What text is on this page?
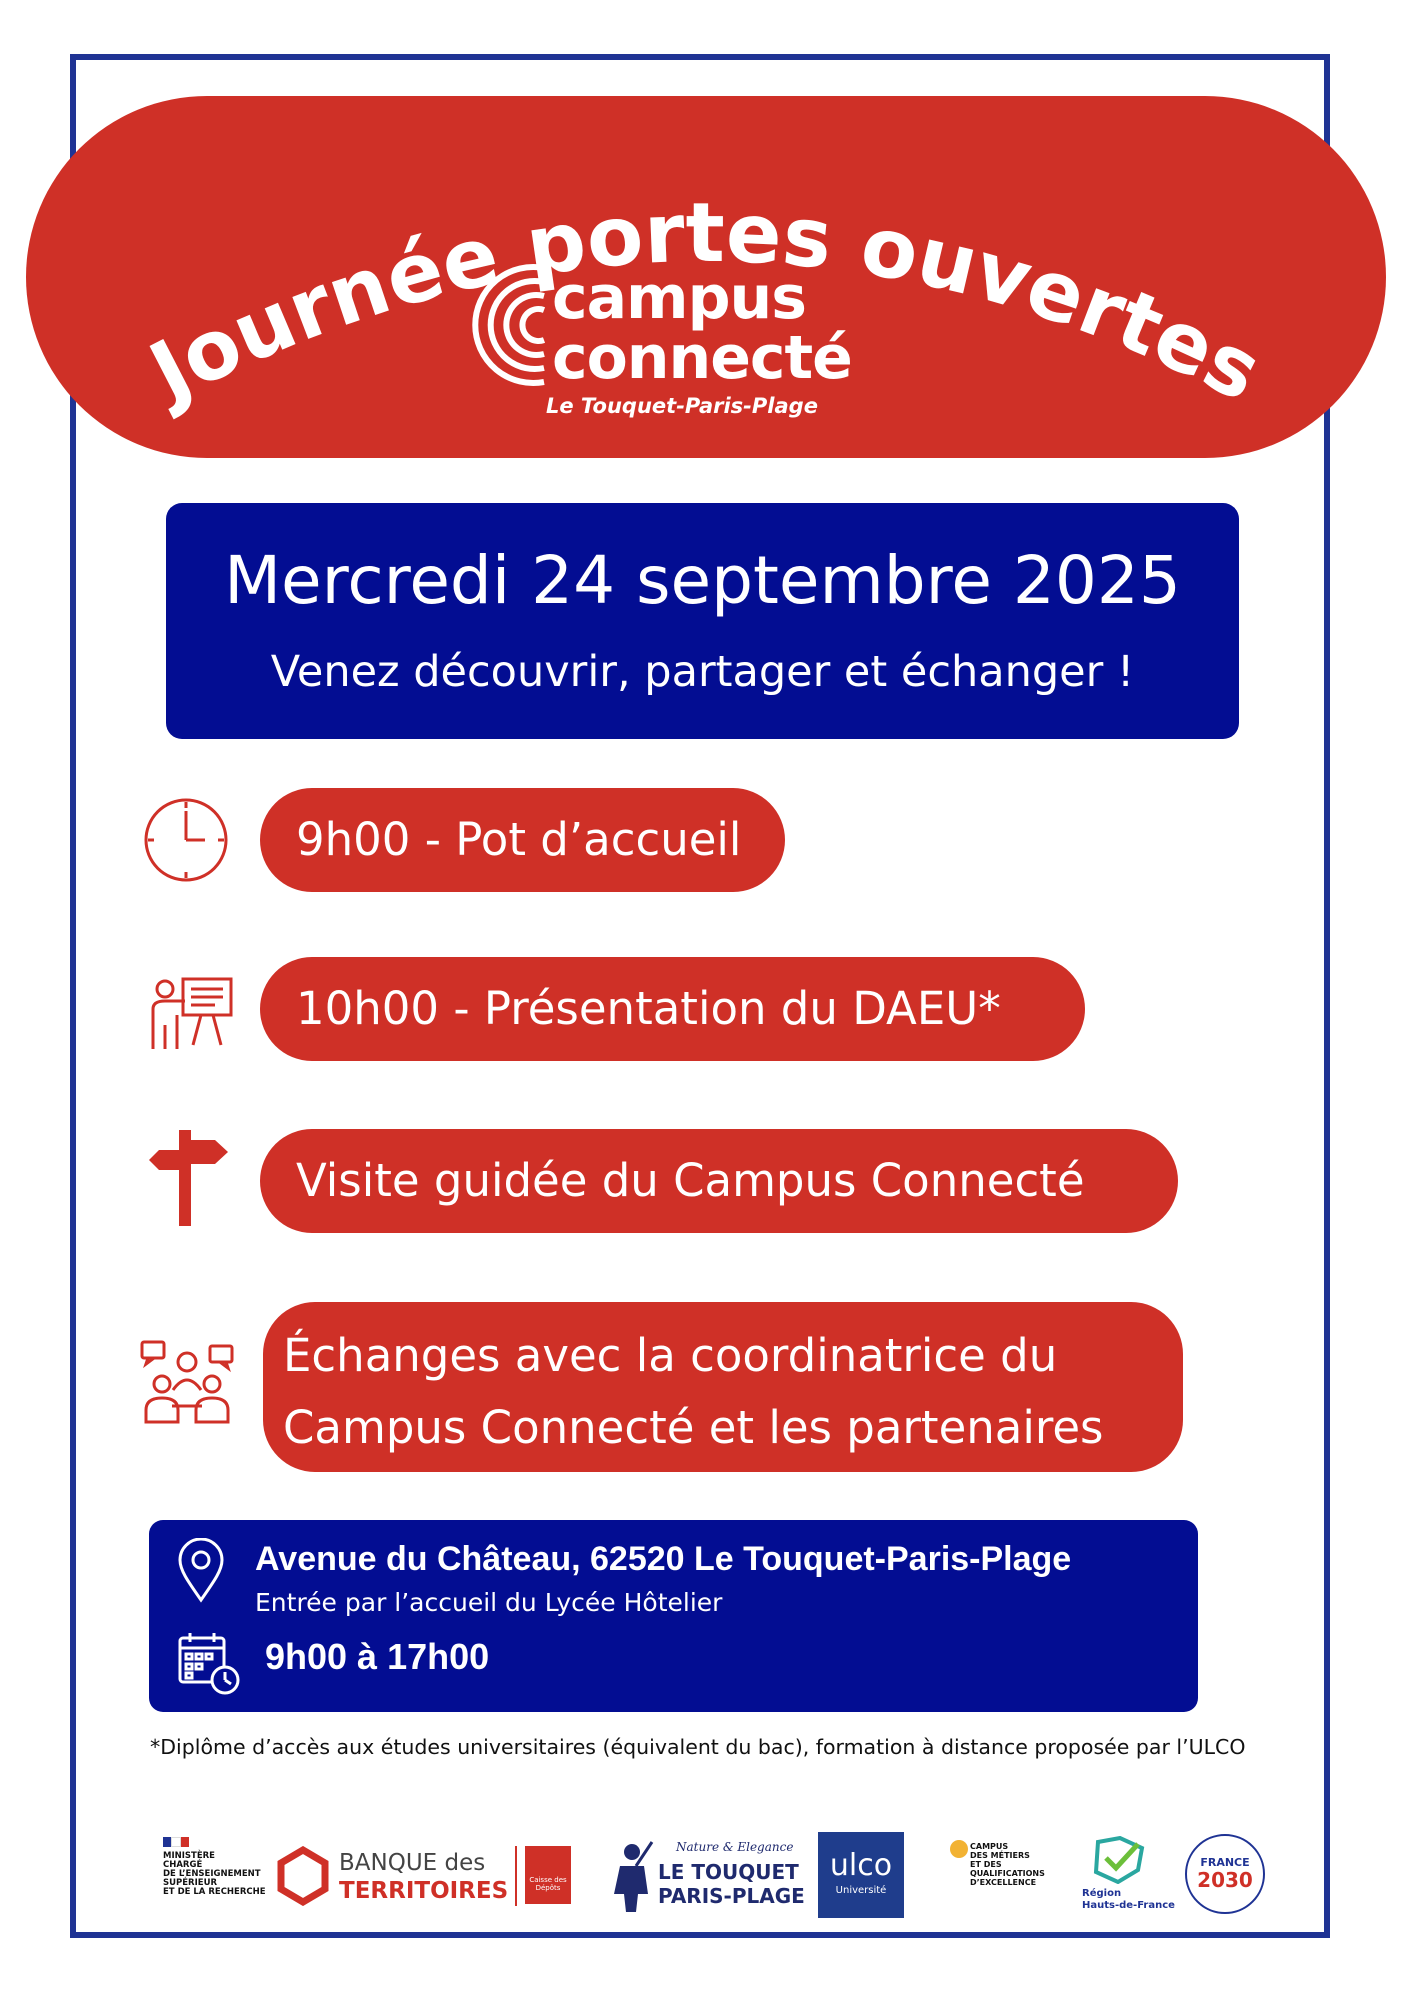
Journée portes ouvertes
campus
connecté
Le Touquet-Paris-Plage
Mercredi 24 septembre 2025
Venez découvrir, partager et échanger !
9h00 - Pot d’accueil
10h00 - Présentation du DAEU*
Visite guidée du Campus Connecté
Échanges avec la coordinatrice du
Campus Connecté et les partenaires
Avenue du Château, 62520 Le Touquet-Paris-Plage
Entrée par l’accueil du Lycée Hôtelier
9h00 à 17h00
*Diplôme d’accès aux études universitaires (équivalent du bac), formation à distance proposée par l’ULCO
MINISTÈRE
CHARGÉ
DE L’ENSEIGNEMENT
SUPÉRIEUR
ET DE LA RECHERCHE
BANQUE des
TERRITOIRES	Caisse des Dépôts
Nature & Elegance
LE TOUQUET
PARIS-PLAGE
ulco
Université
CAMPUS
DES MÉTIERS
ET DES
QUALIFICATIONS
D’EXCELLENCE
Région
Hauts-de-France
FRANCE
2030
